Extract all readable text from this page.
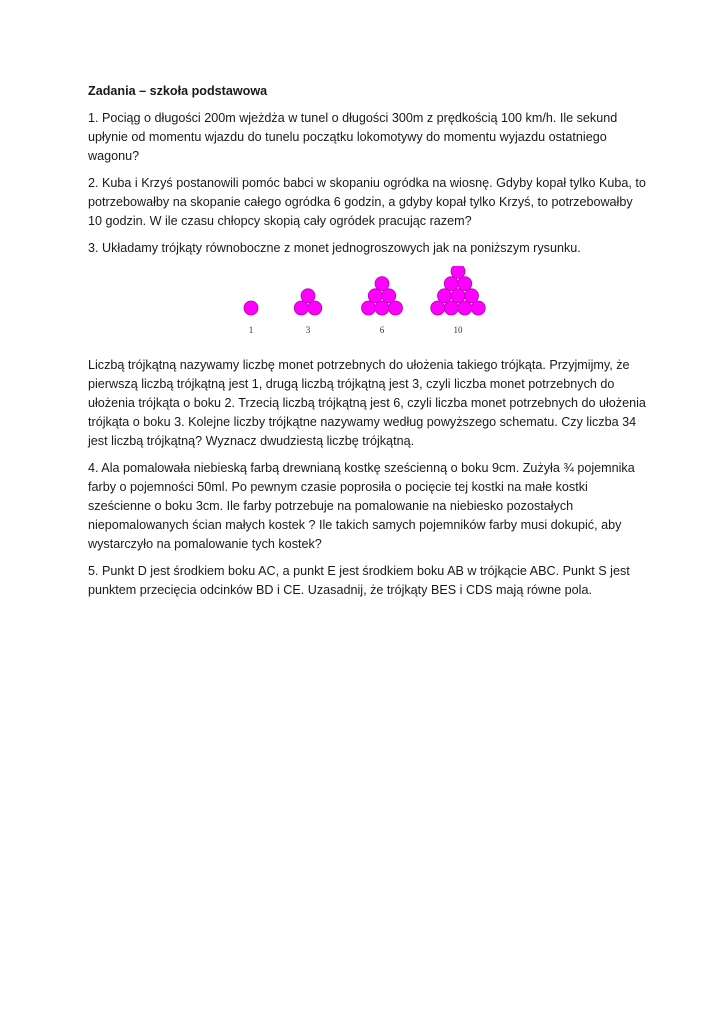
Zadania – szkoła podstawowa

1. Pociąg o długości 200m wjeżdża w tunel o długości 300m z prędkością 100 km/h. Ile sekund upłynie od momentu wjazdu do tunelu początku lokomotywy do momentu wyjazdu ostatniego wagonu?

2. Kuba i Krzyś postanowili pomóc babci w skopaniu ogródka na wiosnę. Gdyby kopał tylko Kuba, to potrzebowałby na skopanie całego ogródka 6 godzin, a gdyby kopał tylko Krzyś, to potrzebowałby 10 godzin. W ile czasu chłopcy skopią cały ogródek pracując razem?

3. Układamy trójkąty równoboczne z monet jednogroszowych jak na poniższym rysunku.

1	3	6	10

Liczbą trójkątną nazywamy liczbę monet potrzebnych do ułożenia takiego trójkąta. Przyjmijmy, że pierwszą liczbą trójkątną jest 1, drugą liczbą trójkątną jest 3, czyli liczba monet potrzebnych do ułożenia trójkąta o boku 2. Trzecią liczbą trójkątną jest 6, czyli liczba monet potrzebnych do ułożenia trójkąta o boku 3. Kolejne liczby trójkątne nazywamy według powyższego schematu. Czy liczba 34 jest liczbą trójkątną? Wyznacz dwudziestą liczbę trójkątną.

4. Ala pomalowała niebieską farbą drewnianą kostkę sześcienną o boku 9cm. Zużyła ¾ pojemnika farby o pojemności 50ml. Po pewnym czasie poprosiła o pocięcie tej kostki na małe kostki sześcienne o boku 3cm. Ile farby potrzebuje na pomalowanie na niebiesko pozostałych niepomalowanych ścian małych kostek ? Ile takich samych pojemników farby musi dokupić, aby wystarczyło na pomalowanie tych kostek?

5. Punkt D jest środkiem boku AC, a punkt E jest środkiem boku AB w trójkącie ABC. Punkt S jest punktem przecięcia odcinków BD i CE. Uzasadnij, że trójkąty BES i CDS mają równe pola.
